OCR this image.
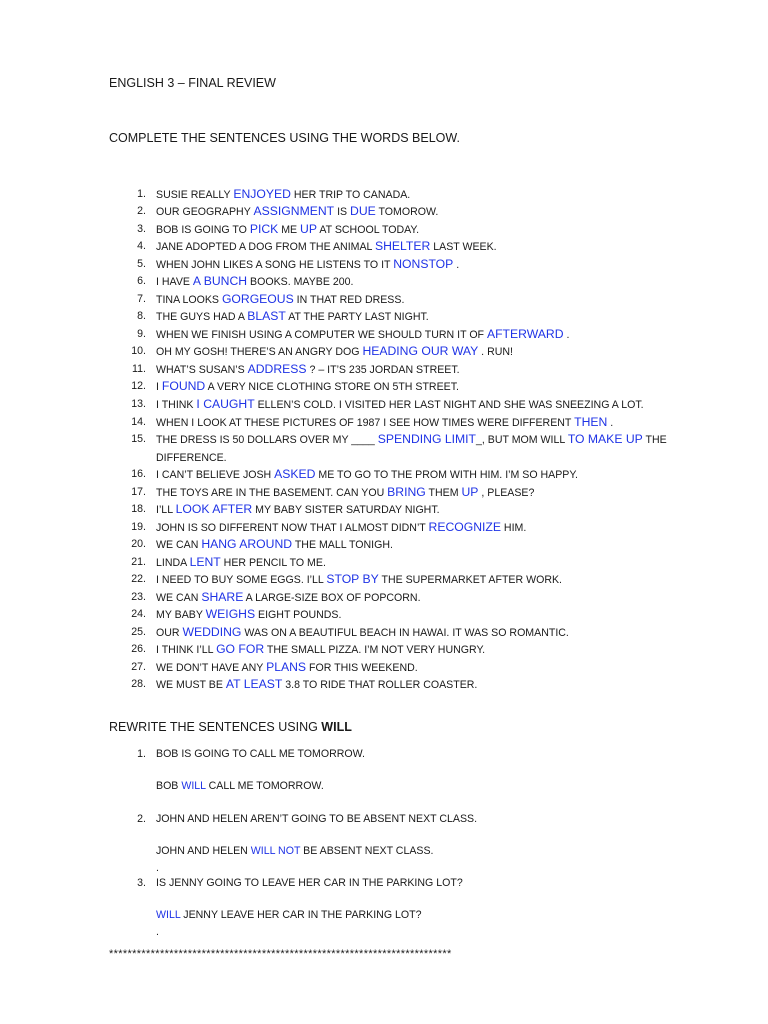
ENGLISH 3 – FINAL REVIEW
COMPLETE THE SENTENCES USING THE WORDS BELOW.
1. SUSIE REALLY ENJOYED HER TRIP TO CANADA.
2. OUR GEOGRAPHY ASSIGNMENT IS DUE TOMOROW.
3. BOB IS GOING TO PICK ME UP AT SCHOOL TODAY.
4. JANE ADOPTED A DOG FROM THE ANIMAL SHELTER LAST WEEK.
5. WHEN JOHN LIKES A SONG HE LISTENS TO IT NONSTOP .
6. I HAVE A BUNCH BOOKS. MAYBE 200.
7. TINA LOOKS GORGEOUS IN THAT RED DRESS.
8. THE GUYS HAD A BLAST AT THE PARTY LAST NIGHT.
9. WHEN WE FINISH USING A COMPUTER WE SHOULD TURN IT OF AFTERWARD .
10. OH MY GOSH! THERE’S AN ANGRY DOG HEADING OUR WAY . RUN!
11. WHAT’S SUSAN’S ADDRESS ? – IT’S 235 JORDAN STREET.
12. I FOUND A VERY NICE CLOTHING STORE ON 5TH STREET.
13. I THINK I CAUGHT ELLEN’S COLD. I VISITED HER LAST NIGHT AND SHE WAS SNEEZING A LOT.
14. WHEN I LOOK AT THESE PICTURES OF 1987 I SEE HOW TIMES WERE DIFFERENT THEN .
15. THE DRESS IS 50 DOLLARS OVER MY ____ SPENDING LIMIT_, BUT MOM WILL TO MAKE UP THE DIFFERENCE.
16. I CAN’T BELIEVE JOSH ASKED ME TO GO TO THE PROM WITH HIM. I’M SO HAPPY.
17. THE TOYS ARE IN THE BASEMENT. CAN YOU BRING THEM UP , PLEASE?
18. I’LL LOOK AFTER MY BABY SISTER SATURDAY NIGHT.
19. JOHN IS SO DIFFERENT NOW THAT I ALMOST DIDN’T RECOGNIZE HIM.
20. WE CAN HANG AROUND THE MALL TONIGH.
21. LINDA LENT HER PENCIL TO ME.
22. I NEED TO BUY SOME EGGS. I’LL STOP BY THE SUPERMARKET AFTER WORK.
23. WE CAN SHARE A LARGE-SIZE BOX OF POPCORN.
24. MY BABY WEIGHS EIGHT POUNDS.
25. OUR WEDDING WAS ON A BEAUTIFUL BEACH IN HAWAI. IT WAS SO ROMANTIC.
26. I THINK I’LL GO FOR THE SMALL PIZZA. I’M NOT VERY HUNGRY.
27. WE DON’T HAVE ANY PLANS FOR THIS WEEKEND.
28. WE MUST BE AT LEAST 3.8 TO RIDE THAT ROLLER COASTER.
REWRITE THE SENTENCES USING WILL
1. BOB IS GOING TO CALL ME TOMORROW.
BOB WILL CALL ME TOMORROW.
2. JOHN AND HELEN AREN’T GOING TO BE ABSENT NEXT CLASS.
JOHN AND HELEN WILL NOT BE ABSENT NEXT CLASS.
.
3. IS JENNY GOING TO LEAVE HER CAR IN THE PARKING LOT?
WILL JENNY LEAVE HER CAR IN THE PARKING LOT?
.
**************************************************************************
